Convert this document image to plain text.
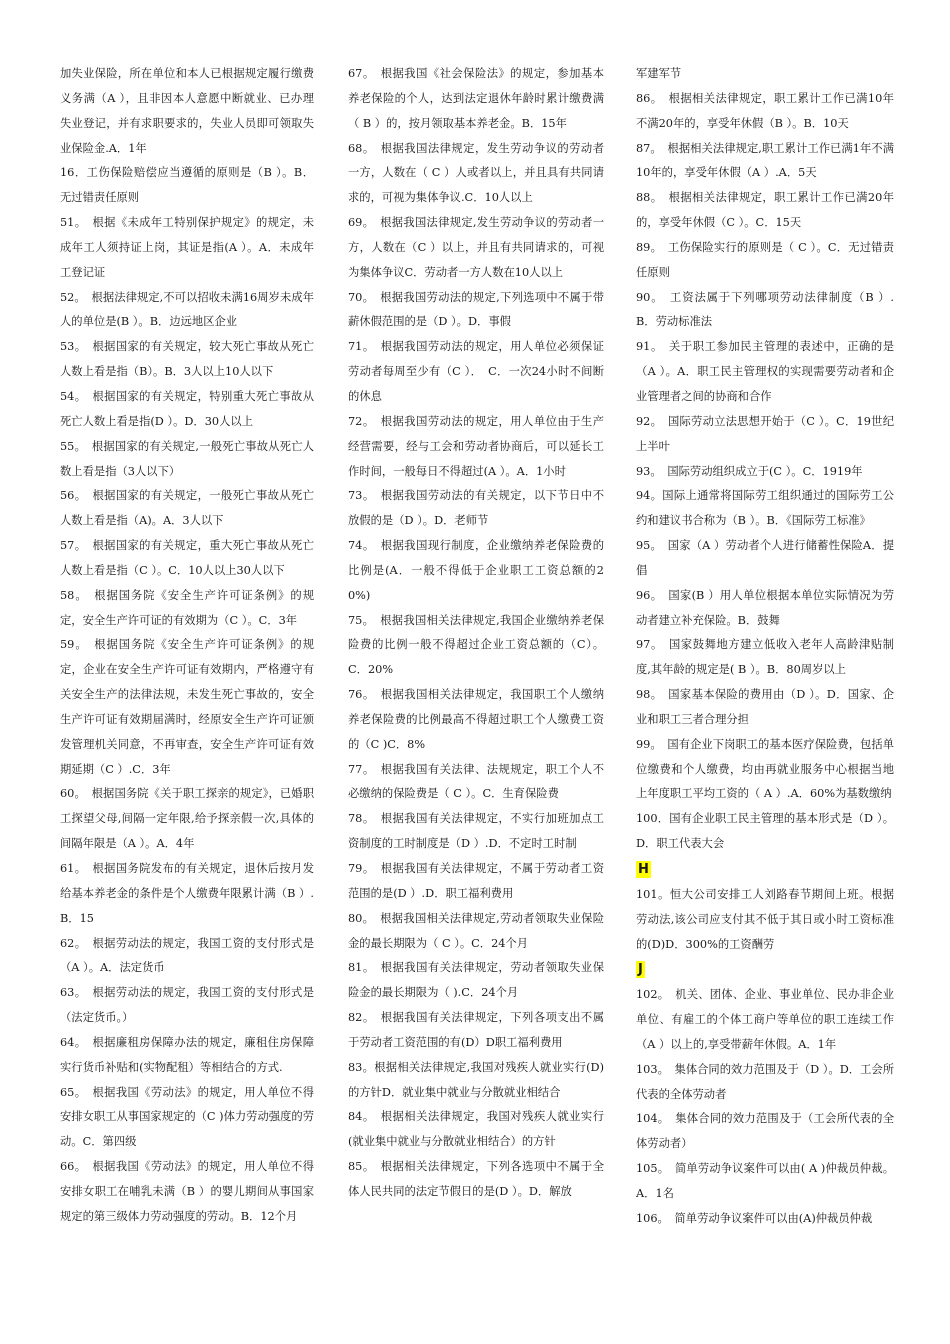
加失业保险，所在单位和本人已根据规定履行缴费义务满（A ），且非因本人意愿中断就业、已办理失业登记，并有求职要求的，失业人员即可领取失业保险金.A．1年

16．工伤保险赔偿应当遵循的原则是（B ）。B．无过错责任原则

51。　根据《未成年工特别保护规定》的规定，未成年工人须持证上岗，其证是指(A ）。A．未成年工登记证

52。　根据法律规定,不可以招收未满16周岁未成年人的单位是(B ）。B．边远地区企业

53。　根据国家的有关规定，较大死亡事故从死亡人数上看是指（B）。B．3人以上10人以下

54。　根据国家的有关规定，特别重大死亡事故从死亡人数上看是指(D ）。D．30人以上

55。　根据国家的有关规定,一般死亡事故从死亡人数上看是指（3人以下）

56。　根据国家的有关规定，一般死亡事故从死亡人数上看是指（A)。A．3人以下

57。　根据国家的有关规定，重大死亡事故从死亡人数上看是指（C ）。C．10人以上30人以下

58。　根据国务院《安全生产许可证条例》的规定，安全生产许可证的有效期为（C ）。C．3年

59。　根据国务院《安全生产许可证条例》的规定，企业在安全生产许可证有效期内，严格遵守有关安全生产的法律法规，未发生死亡事故的，安全生产许可证有效期届满时，经原安全生产许可证颁发管理机关同意，不再审查，安全生产许可证有效期延期（C ）.C．3年

60。　根据国务院《关于职工探亲的规定》，已婚职工探望父母,间隔一定年限,给予探亲假一次,具体的间隔年限是（A ）。A．4年

61。　根据国务院发布的有关规定，退休后按月发给基本养老金的条件是个人缴费年限累计满（B ）.B．15

62。　根据劳动法的规定，我国工资的支付形式是（A ）。A．法定货币

63。　根据劳动法的规定，我国工资的支付形式是（法定货币。）

64。　根据廉租房保障办法的规定，廉租住房保障实行货币补贴和(实物配租）等相结合的方式.

65。　根据我国《劳动法》的规定，用人单位不得安排女职工从事国家规定的（C )体力劳动强度的劳动。C．第四级

66。　根据我国《劳动法》的规定，用人单位不得安排女职工在哺乳未满（B ）的婴儿期间从事国家规定的第三级体力劳动强度的劳动。B．12个月

67。　根据我国《社会保险法》的规定，参加基本养老保险的个人，达到法定退休年龄时累计缴费满（ B ）的，按月领取基本养老金。B．15年

68。　根据我国法律规定，发生劳动争议的劳动者一方，人数在（ C ）人或者以上，并且具有共同请求的，可视为集体争议.C．10人以上

69。　根据我国法律规定,发生劳动争议的劳动者一方，人数在（C ）以上，并且有共同请求的，可视为集体争议C．劳动者一方人数在10人以上

70。　根据我国劳动法的规定,下列选项中不属于带薪休假范围的是（D ）。D．事假

71。　根据我国劳动法的规定，用人单位必须保证劳动者每周至少有（C ）．　C．一次24小时不间断的休息

72。　根据我国劳动法的规定，用人单位由于生产经营需要，经与工会和劳动者协商后，可以延长工作时间，一般每日不得超过(A ）。A．1小时

73。　根据我国劳动法的有关规定，以下节日中不放假的是（D ）。D．老师节

74。　根据我国现行制度，企业缴纳养老保险费的比例是(A．一般不得低于企业职工工资总额的20%)

75。　根据我国相关法律规定,我国企业缴纳养老保险费的比例一般不得超过企业工资总额的（C）。C．20%

76。　根据我国相关法律规定，我国职工个人缴纳养老保险费的比例最高不得超过职工个人缴费工资的（C )C．8%

77。　根据我国有关法律、法规规定，职工个人不必缴纳的保险费是（ C ）。C．生育保险费

78。　根据我国有关法律规定，不实行加班加点工资制度的工时制度是（D ）.D．不定时工时制

79。　根据我国有关法律规定，不属于劳动者工资范围的是(D ）.D．职工福利费用

80。　根据我国相关法律规定,劳动者领取失业保险金的最长期限为（ C ）。C．24个月

81。　根据我国有关法律规定，劳动者领取失业保险金的最长期限为（ ).C．24个月

82。　根据我国有关法律规定，下列各项支出不属于劳动者工资范围的有(D）D职工福利费用

83。根据相关法律规定,我国对残疾人就业实行(D)的方针D．就业集中就业与分散就业相结合

84。　根据相关法律规定，我国对残疾人就业实行(就业集中就业与分散就业相结合）的方针

85。　根据相关法律规定，下列各选项中不属于全体人民共同的法定节假日的是(D ）。D．解放

军建军节

86。　根据相关法律规定，职工累计工作已满10年不满20年的，享受年休假（B ）。B．10天

87。　根据相关法律规定,职工累计工作已满1年不满10年的，享受年休假（A ）.A．5天

88。　根据相关法律规定，职工累计工作已满20年的，享受年休假（C ）。C．15天

89。　工伤保险实行的原则是（ C ）。C．无过错责任原则

90。　工资法属于下列哪项劳动法律制度（B ）.B．劳动标准法

91。　关于职工参加民主管理的表述中，正确的是（A ）。A．职工民主管理权的实现需要劳动者和企业管理者之间的协商和合作

92。　国际劳动立法思想开始于（C ）。C．19世纪上半叶

93。　国际劳动组织成立于(C ）。C．1919年

94。国际上通常将国际劳工组织通过的国际劳工公约和建议书合称为（B ）。B．《国际劳工标准》

95。　国家（A ）劳动者个人进行储蓄性保险A．提倡

96。　国家(B ）用人单位根据本单位实际情况为劳动者建立补充保险。B．鼓舞

97。　国家鼓舞地方建立低收入老年人高龄津贴制度,其年龄的规定是( B ）。B．80周岁以上

98。　国家基本保险的费用由（D ）。D．国家、企业和职工三者合理分担

99。　国有企业下岗职工的基本医疗保险费，包括单位缴费和个人缴费，均由再就业服务中心根据当地上年度职工平均工资的（ A ）.A．60%为基数缴纳

100．国有企业职工民主管理的基本形式是（D ）。D．职工代表大会

H

101。恒大公司安排工人刘路春节期间上班。根据劳动法,该公司应支付其不低于其日或小时工资标准的(D)D．300%的工资酬劳

J

102。　机关、团体、企业、事业单位、民办非企业单位、有雇工的个体工商户等单位的职工连续工作（A ）以上的,享受带薪年休假。A．1年

103。　集体合同的效力范围及于（D ）。D．工会所代表的全体劳动者

104。　集体合同的效力范围及于（工会所代表的全体劳动者）

105。　简单劳动争议案件可以由( A )仲裁员仲裁。A．1名

106。　简单劳动争议案件可以由(A)仲裁员仲裁
